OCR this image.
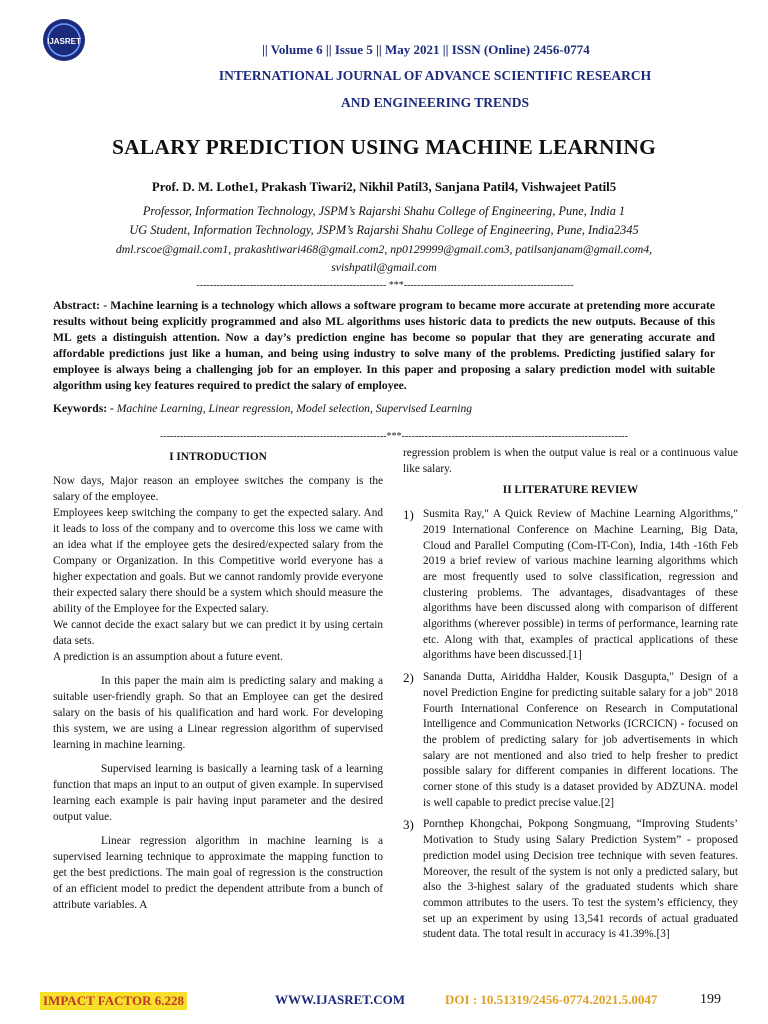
IJASRET
|| Volume 6 || Issue 5 || May 2021 || ISSN (Online) 2456-0774
INTERNATIONAL JOURNAL OF ADVANCE SCIENTIFIC RESEARCH
AND ENGINEERING TRENDS
SALARY PREDICTION USING MACHINE LEARNING
Prof. D. M. Lothe1, Prakash Tiwari2, Nikhil Patil3, Sanjana Patil4, Vishwajeet Patil5
Professor, Information Technology, JSPM’s Rajarshi Shahu College of Engineering, Pune, India 1
UG Student, Information Technology, JSPM’s Rajarshi Shahu College of Engineering, Pune, India2345
dml.rscoe@gmail.com1, prakashtiwari468@gmail.com2, np0129999@gmail.com3, patilsanjanam@gmail.com4,
svishpatil@gmail.com
--------------------------------------------------------- ***---------------------------------------------------
Abstract: - Machine learning is a technology which allows a software program to became more accurate at pretending more accurate results without being explicitly programmed and also ML algorithms uses historic data to predicts the new outputs. Because of this ML gets a distinguish attention. Now a day’s prediction engine has become so popular that they are generating accurate and affordable predictions just like a human, and being using industry to solve many of the problems. Predicting justified salary for employee is always being a challenging job for an employer. In this paper and proposing a salary prediction model with suitable algorithm using key features required to predict the salary of employee.
Keywords: - Machine Learning, Linear regression, Model selection, Supervised Learning
--------------------------------------------------------------------***--------------------------------------------------------------------
I INTRODUCTION

Now days, Major reason an employee switches the company is the salary of the employee.

Employees keep switching the company to get the expected salary. And it leads to loss of the company and to overcome this loss we came with an idea what if the employee gets the desired/expected salary from the Company or Organization. In this Competitive world everyone has a higher expectation and goals. But we cannot randomly provide everyone their expected salary there should be a system which should measure the ability of the Employee for the Expected salary.

We cannot decide the exact salary but we can predict it by using certain data sets.

A prediction is an assumption about a future event.

In this paper the main aim is predicting salary and making a suitable user-friendly graph. So that an Employee can get the desired salary on the basis of his qualification and hard work. For developing this system, we are using a Linear regression algorithm of supervised learning in machine learning.

Supervised learning is basically a learning task of a learning function that maps an input to an output of given example. In supervised learning each example is pair having input parameter and the desired output value.

Linear regression algorithm in machine learning is a supervised learning technique to approximate the mapping function to get the best predictions. The main goal of regression is the construction of an efficient model to predict the dependent attribute from a bunch of attribute variables. A

regression problem is when the output value is real or a continuous value like salary.

II LITERATURE REVIEW
1) Susmita Ray," A Quick Review of Machine Learning Algorithms," 2019 International Conference on Machine Learning, Big Data, Cloud and Parallel Computing (Com-IT-Con), India, 14th -16th Feb 2019 a brief review of various machine learning algorithms which are most frequently used to solve classification, regression and clustering problems. The advantages, disadvantages of these algorithms have been discussed along with comparison of different algorithms (wherever possible) in terms of performance, learning rate etc. Along with that, examples of practical applications of these algorithms have been discussed.[1]
2) Sananda Dutta, Airiddha Halder, Kousik Dasgupta," Design of a novel Prediction Engine for predicting suitable salary for a job" 2018 Fourth International Conference on Research in Computational Intelligence and Communication Networks (ICRCICN) - focused on the problem of predicting salary for job advertisements in which salary are not mentioned and also tried to help fresher to predict possible salary for different companies in different locations. The corner stone of this study is a dataset provided by ADZUNA. model is well capable to predict precise value.[2]
3) Pornthep Khongchai, Pokpong Songmuang, “Improving Students’ Motivation to Study using Salary Prediction System” - proposed prediction model using Decision tree technique with seven features. Moreover, the result of the system is not only a predicted salary, but also the 3-highest salary of the graduated students which share common attributes to the users. To test the system’s efficiency, they set up an experiment by using 13,541 records of actual graduated student data. The total result in accuracy is 41.39%.[3]
IMPACT FACTOR 6.228	WWW.IJASRET.COM	DOI : 10.51319/2456-0774.2021.5.0047	199
